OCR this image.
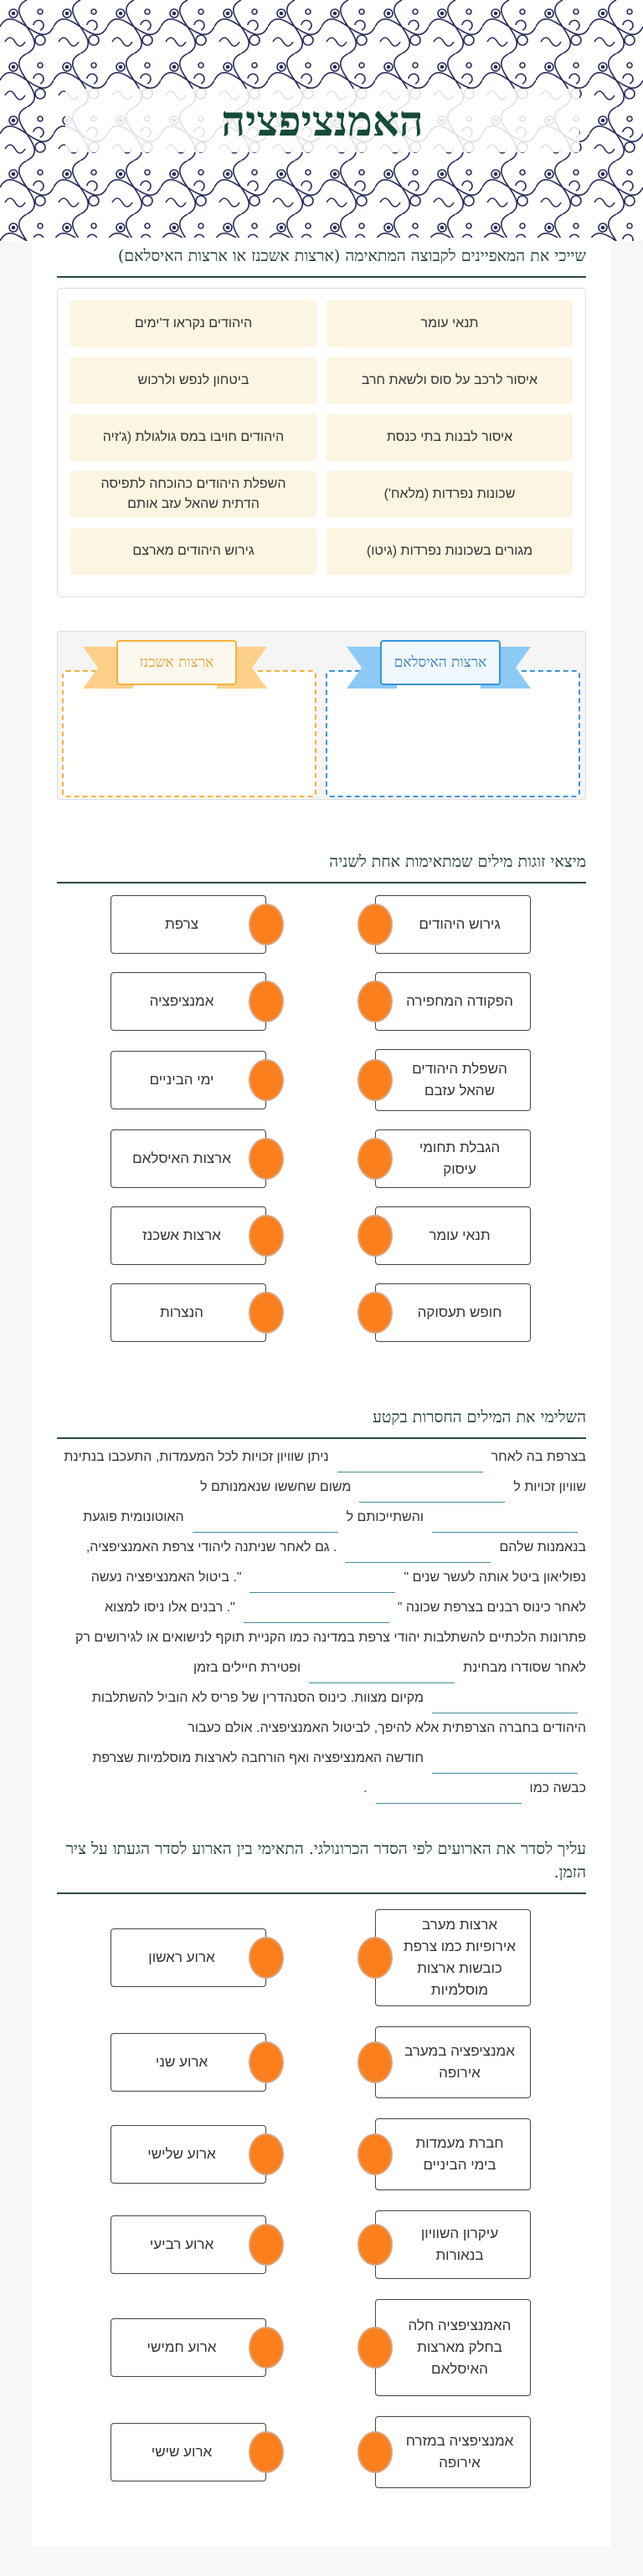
האמנציפציה
שייכי את המאפיינים לקבוצה המתאימה (ארצות אשכנז או ארצות האיסלאם)
תנאי עומר
היהודים נקראו ד'ימים
איסור לרכב על סוס ולשאת חרב
ביטחון לנפש ולרכוש
איסור לבנות בתי כנסת
היהודים חויבו במס גולגולת (ג'זיה
שכונות נפרדות (מלאח')
השפלת היהודים כהוכחה לתפיסה הדתית שהאל עזב אותם
מגורים בשכונות נפרדות (גיטו)
גירוש היהודים מארצם
ארצות האיסלאם
ארצות אשכנז
מיצאי זוגות מילים שמתאימות אחת לשניה
גירוש היהודים
צרפת
הפקודה המחפירה
אמנציפציה
השפלת היהודים שהאל עזבם
ימי הביניים
הגבלת תחומי עיסוק
ארצות האיסלאם
תנאי עומר
ארצות אשכנז
חופש תעסוקה
הנצרות
השלימי את המילים החסרות בקטע
בצרפת בה לאחרניתן שוויון זכויות לכל המעמדות, התעכבו בנתינת שוויון זכויות למשום שחששו שנאמנותם לוהשתייכותם להאוטונומית פוגעת בנאמנות שלהם. גם לאחר שניתנה ליהודי צרפת האמנציפציה, נפוליאון ביטל אותה לעשר שנים "". ביטול האמנציפציה נעשה לאחר כינוס רבנים בצרפת שכונה "". רבנים אלו ניסו למצוא פתרונות הלכתיים להשתלבות יהודי צרפת במדינה כמו הקניית תוקף לנישואים או לגירושים רק לאחר שסודרו מבחינתופטירת חיילים בזמןמקיום מצוות. כינוס הסנהדרין של פריס לא הוביל להשתלבות היהודים בחברה הצרפתית אלא להיפך, לביטול האמנציפציה. אולם כעבורחודשה האמנציפציה ואף הורחבה לארצות מוסלמיות שצרפת כבשה כמו.
עליך לסדר את הארועים לפי הסדר הכרונולגי. התאימי בין הארוע לסדר הגעתו על ציר הזמן.
ארצות מערב אירופיות כמו צרפת כובשות ארצות מוסלמיות
ארוע ראשון
אמנציפציה במערב אירופה
ארוע שני
חברת מעמדות בימי הביניים
ארוע שלישי
עיקרון השוויון בנאורות
ארוע רביעי
האמנציפציה חלה בחלק מארצות האיסלאם
ארוע חמישי
אמנציפציה במזרח אירופה
ארוע שישי
